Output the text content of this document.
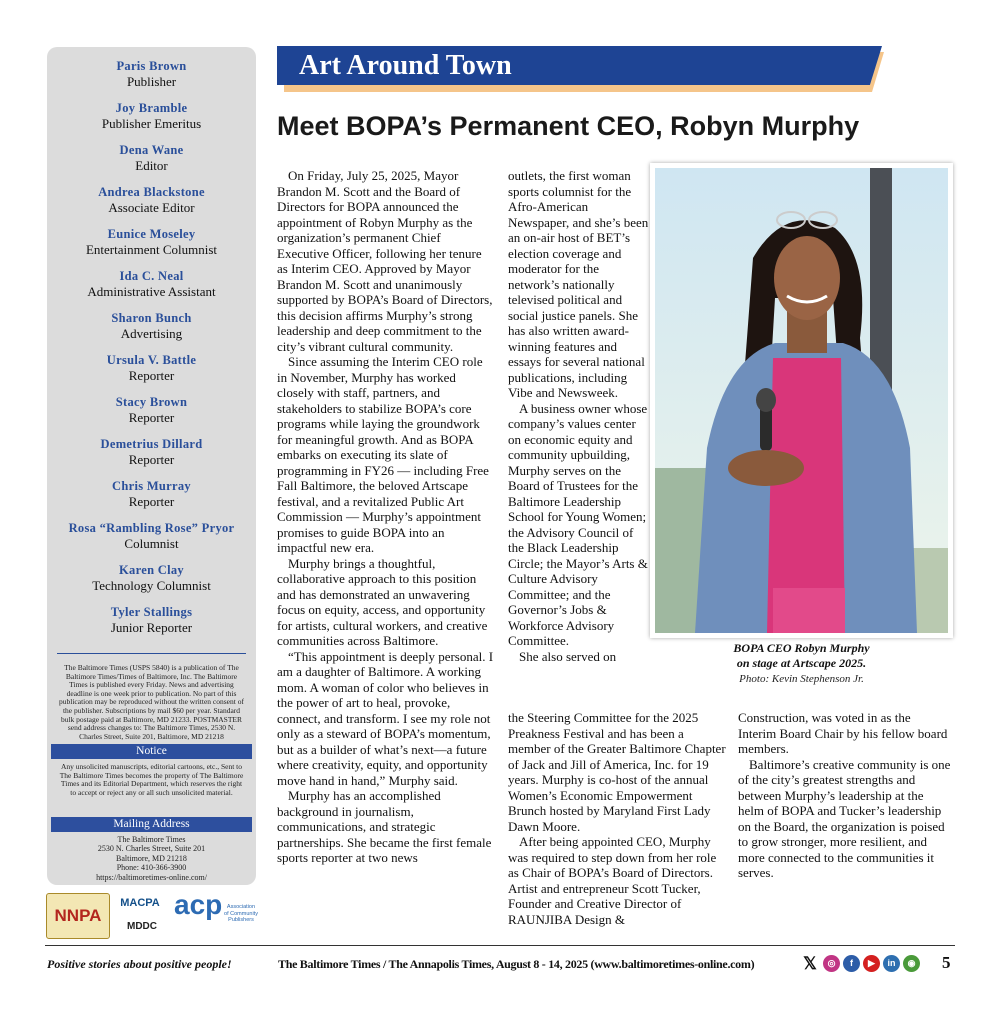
Paris Brown
Publisher
Joy Bramble
Publisher Emeritus
Dena Wane
Editor
Andrea Blackstone
Associate Editor
Eunice Moseley
Entertainment Columnist
Ida C. Neal
Administrative Assistant
Sharon Bunch
Advertising
Ursula V. Battle
Reporter
Stacy Brown
Reporter
Demetrius Dillard
Reporter
Chris Murray
Reporter
Rosa “Rambling Rose” Pryor
Columnist
Karen Clay
Technology Columnist
Tyler Stallings
Junior Reporter
The Baltimore Times (USPS 5840) is a publication of The Baltimore Times/Times of Baltimore, Inc. The Baltimore Times is published every Friday. News and advertising deadline is one week prior to publication. No part of this publication may be reproduced without the written consent of the publisher. Subscriptions by mail $60 per year. Standard bulk postage paid at Baltimore, MD 21233. POSTMASTER send address changes to: The Baltimore Times, 2530 N. Charles Street, Suite 201, Baltimore, MD 21218
Notice
Any unsolicited manuscripts, editorial cartoons, etc., Sent to The Baltimore Times becomes the property of The Baltimore Times and its Editorial Department, which reserves the right to accept or reject any or all such unsolicited material.
Mailing Address
The Baltimore Times
2530 N. Charles Street, Suite 201
Baltimore, MD 21218
Phone: 410-366-3900
https://baltimoretimes-online.com/
NNPA
MACPA
MDDC
acp Association of Community Publishers
Art Around Town
Meet BOPA’s Permanent CEO, Robyn Murphy

On Friday, July 25, 2025, Mayor Brandon M. Scott and the Board of Directors for BOPA announced the appointment of Robyn Murphy as the organization’s permanent Chief Executive Officer, following her tenure as Interim CEO. Approved by Mayor Brandon M. Scott and unanimously supported by BOPA’s Board of Directors, this decision affirms Murphy’s strong leadership and deep commitment to the city’s vibrant cultural community.

Since assuming the Interim CEO role in November, Murphy has worked closely with staff, partners, and stakeholders to stabilize BOPA’s core programs while laying the groundwork for meaningful growth. And as BOPA embarks on executing its slate of programming in FY26 — including Free Fall Baltimore, the beloved Artscape festival, and a revitalized Public Art Commission — Murphy’s appointment promises to guide BOPA into an impactful new era.

Murphy brings a thoughtful, collaborative approach to this position and has demonstrated an unwavering focus on equity, access, and opportunity for artists, cultural workers, and creative communities across Baltimore.

“This appointment is deeply personal. I am a daughter of Baltimore. A working mom. A woman of color who believes in the power of art to heal, provoke, connect, and transform. I see my role not only as a steward of BOPA’s momentum, but as a builder of what’s next—a future where creativity, equity, and opportunity move hand in hand,” Murphy said.

Murphy has an accomplished background in journalism, communications, and strategic partnerships. She became the first female sports reporter at two news

outlets, the first woman sports columnist for the Afro-American Newspaper, and she’s been an on-air host of BET’s election coverage and moderator for the network’s nationally televised political and social justice panels. She has also written award-winning features and essays for several national publications, including Vibe and Newsweek.

A business owner whose company’s values center on economic equity and community upbuilding, Murphy serves on the Board of Trustees for the Baltimore Leadership School for Young Women; the Advisory Council of the Black Leadership Circle; the Mayor’s Arts & Culture Advisory Committee; and the Governor’s Jobs & Workforce Advisory Committee.

She also served on

the Steering Committee for the 2025 Preakness Festival and has been a member of the Greater Baltimore Chapter of Jack and Jill of America, Inc. for 19 years. Murphy is co-host of the annual Women’s Economic Empowerment Brunch hosted by Maryland First Lady Dawn Moore.

After being appointed CEO, Murphy was required to step down from her role as Chair of BOPA’s Board of Directors. Artist and entrepreneur Scott Tucker, Founder and Creative Director of RAUNJIBA Design &

Construction, was voted in as the Interim Board Chair by his fellow board members.

Baltimore’s creative community is one of the city’s greatest strengths and between Murphy’s leadership at the helm of BOPA and Tucker’s leadership on the Board, the organization is poised to grow stronger, more resilient, and more connected to the communities it serves.

BOPA CEO Robyn Murphy
on stage at Artscape 2025.
Photo: Kevin Stephenson Jr.
Positive stories about positive people!	The Baltimore Times / The Annapolis Times, August 8 - 14, 2025 (www.baltimoretimes-online.com)	𝕏 ◎ f ▶ in ◉	5
